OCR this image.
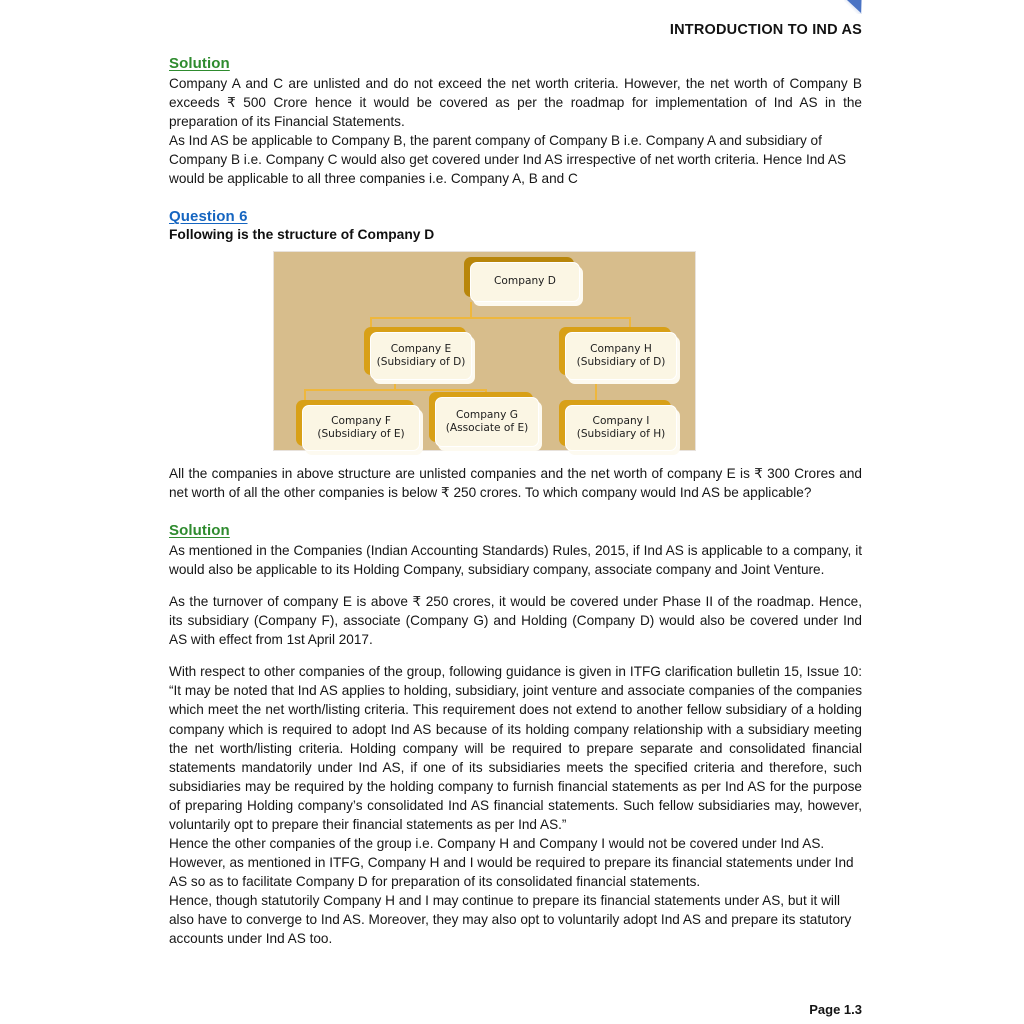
INTRODUCTION TO IND AS
Solution

Company A and C are unlisted and do not exceed the net worth criteria. However, the net worth of Company B exceeds ₹ 500 Crore hence it would be covered as per the roadmap for implementation of Ind AS in the preparation of its Financial Statements.

As Ind AS be applicable to Company B, the parent company of Company B i.e. Company A and subsidiary of Company B i.e. Company C would also get covered under Ind AS irrespective of net worth criteria. Hence Ind AS would be applicable to all three companies i.e. Company A, B and C

Question 6
Following is the structure of Company D
Company D
Company E
(Subsidiary of D)
Company H
(Subsidiary of D)
Company F
(Subsidiary of E)
Company G
(Associate of E)
Company I
(Subsidiary of H)

All the companies in above structure are unlisted companies and the net worth of company E is ₹ 300 Crores and net worth of all the other companies is below ₹ 250 crores. To which company would Ind AS be applicable?

Solution

As mentioned in the Companies (Indian Accounting Standards) Rules, 2015, if Ind AS is applicable to a company, it would also be applicable to its Holding Company, subsidiary company, associate company and Joint Venture.

As the turnover of company E is above ₹ 250 crores, it would be covered under Phase II of the roadmap. Hence, its subsidiary (Company F), associate (Company G) and Holding (Company D) would also be covered under Ind AS with effect from 1st April 2017.

With respect to other companies of the group, following guidance is given in ITFG clarification bulletin 15, Issue 10: “It may be noted that Ind AS applies to holding, subsidiary, joint venture and associate companies of the companies which meet the net worth/listing criteria. This requirement does not extend to another fellow subsidiary of a holding company which is required to adopt Ind AS because of its holding company relationship with a subsidiary meeting the net worth/listing criteria. Holding company will be required to prepare separate and consolidated financial statements mandatorily under Ind AS, if one of its subsidiaries meets the specified criteria and therefore, such subsidiaries may be required by the holding company to furnish financial statements as per Ind AS for the purpose of preparing Holding company’s consolidated Ind AS financial statements. Such fellow subsidiaries may, however, voluntarily opt to prepare their financial statements as per Ind AS.”

Hence the other companies of the group i.e. Company H and Company I would not be covered under Ind AS. However, as mentioned in ITFG, Company H and I would be required to prepare its financial statements under Ind AS so as to facilitate Company D for preparation of its consolidated financial statements.

Hence, though statutorily Company H and I may continue to prepare its financial statements under AS, but it will also have to converge to Ind AS. Moreover, they may also opt to voluntarily adopt Ind AS and prepare its statutory accounts under Ind AS too.

Page 1.3
